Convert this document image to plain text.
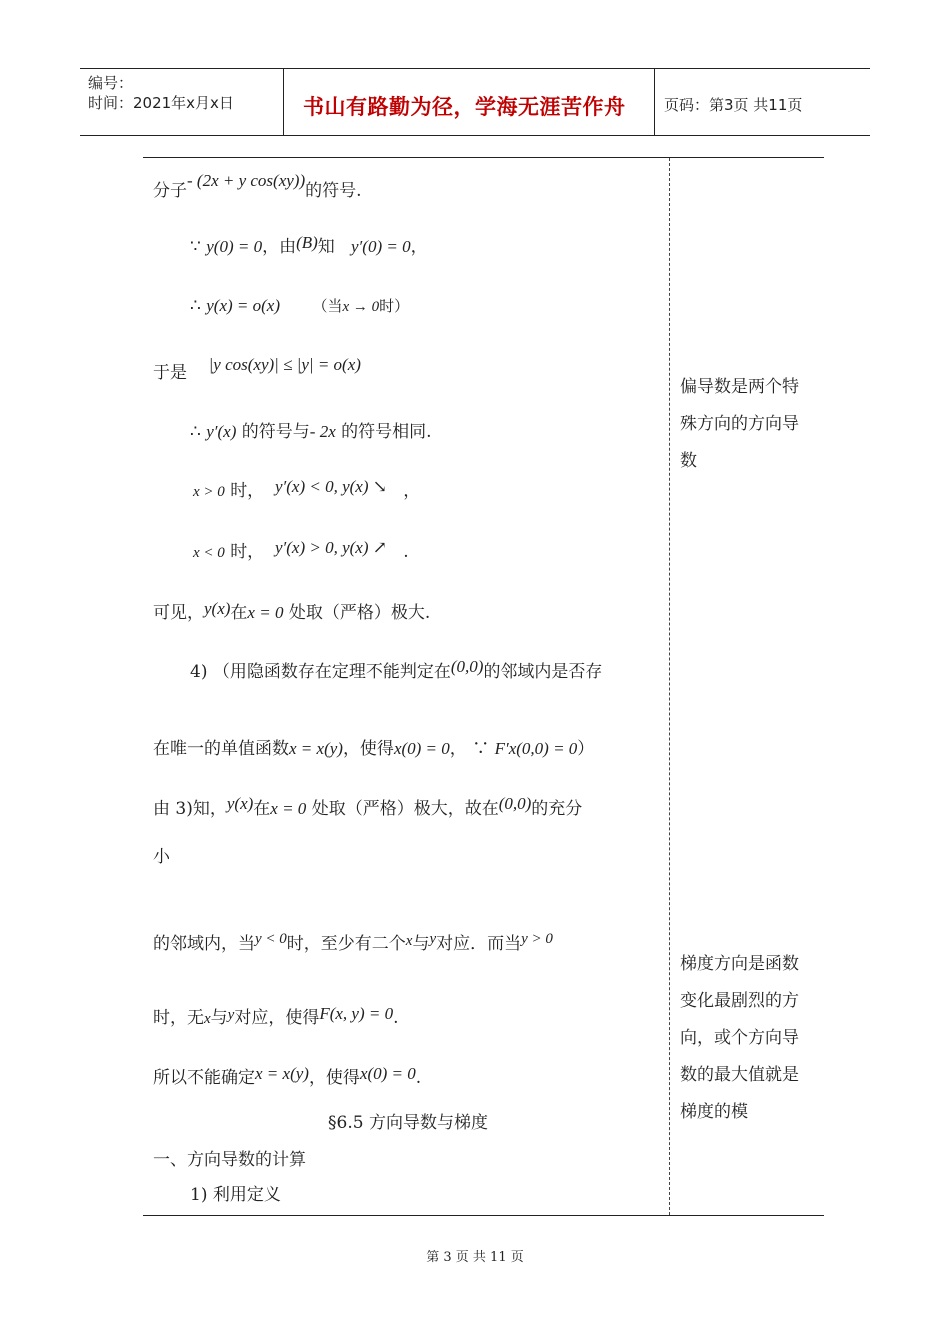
编号：
时间：2021年x月x日	书山有路勤为径，学海无涯苦作舟	页码：第3页 共11页
分子- (2x + y cos(xy))的符号.
∵ y(0) = 0，由(B)知 y′(0) = 0，
∴ y(x) = o(x) （当x → 0时）
于是 |y cos(xy)| ≤ |y| = o(x)
∴ y′(x) 的符号与- 2x 的符号相同.
x > 0 时， y′(x) < 0, y(x) ↘ ，
x < 0 时， y′(x) > 0, y(x) ↗ .
可见，y(x)在x = 0 处取（严格）极大.
4) （用隐函数存在定理不能判定在(0,0)的邻域内是否存
在唯一的单值函数x = x(y)，使得x(0) = 0， ∵ F′x(0,0) = 0）
由 3)知，y(x)在x = 0 处取（严格）极大，故在(0,0)的充分
小
的邻域内，当y < 0时，至少有二个x与y对应．而当y > 0
时，无x与y对应，使得F(x, y) = 0.
所以不能确定x = x(y)，使得x(0) = 0.
§6.5 方向导数与梯度
一、方向导数的计算
1) 利用定义
偏导数是两个特
殊方向的方向导
数
梯度方向是函数
变化最剧烈的方
向，或个方向导
数的最大值就是
梯度的模
第 3 页 共 11 页
